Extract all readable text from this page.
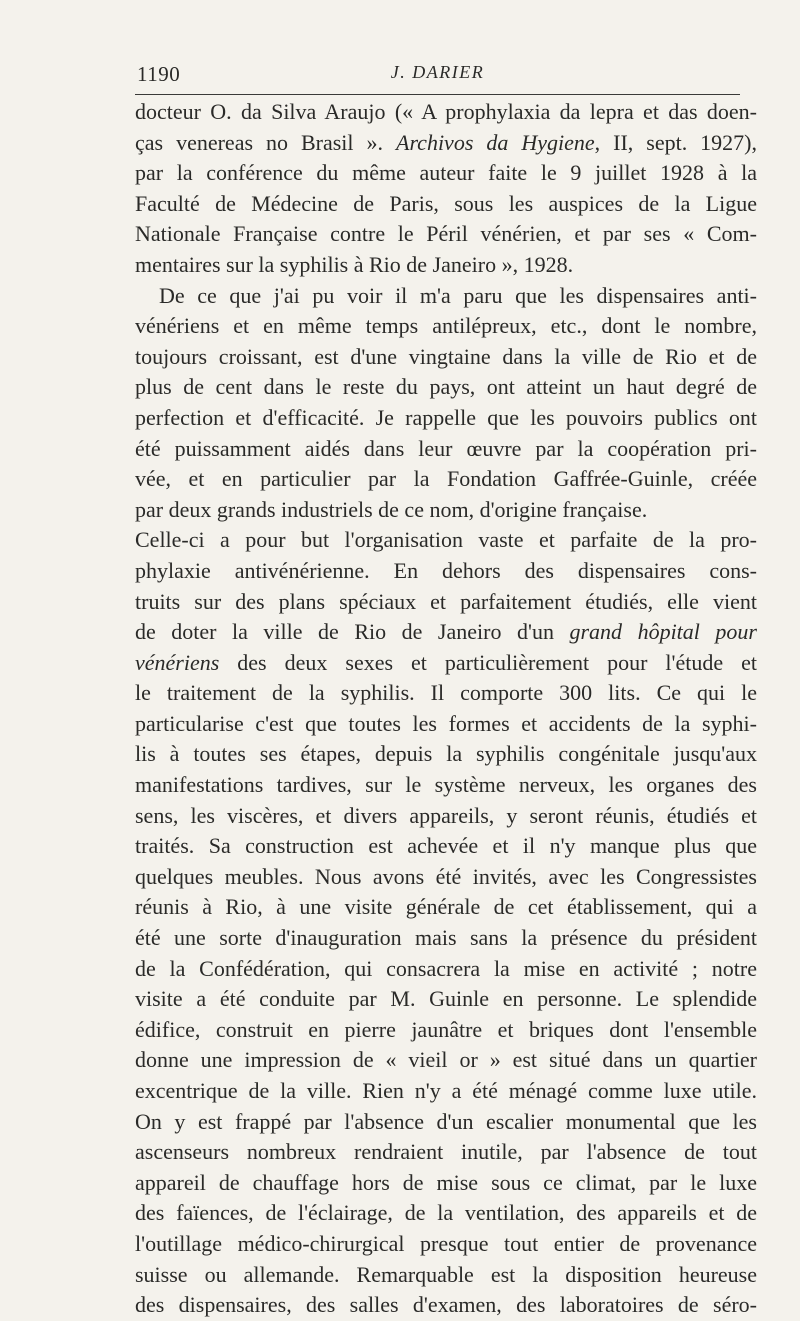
1190	J. DARIER
docteur O. da Silva Araujo (« A prophylaxia da lepra et das doen-
ças venereas no Brasil ». Archivos da Hygiene, II, sept. 1927),
par la conférence du même auteur faite le 9 juillet 1928 à la
Faculté de Médecine de Paris, sous les auspices de la Ligue
Nationale Française contre le Péril vénérien, et par ses « Com-
mentaires sur la syphilis à Rio de Janeiro », 1928.
De ce que j'ai pu voir il m'a paru que les dispensaires anti-
vénériens et en même temps antilépreux, etc., dont le nombre,
toujours croissant, est d'une vingtaine dans la ville de Rio et de
plus de cent dans le reste du pays, ont atteint un haut degré de
perfection et d'efficacité. Je rappelle que les pouvoirs publics ont
été puissamment aidés dans leur œuvre par la coopération pri-
vée, et en particulier par la Fondation Gaffrée-Guinle, créée
par deux grands industriels de ce nom, d'origine française.
Celle-ci a pour but l'organisation vaste et parfaite de la pro-
phylaxie antivénérienne. En dehors des dispensaires cons-
truits sur des plans spéciaux et parfaitement étudiés, elle vient
de doter la ville de Rio de Janeiro d'un grand hôpital pour
vénériens des deux sexes et particulièrement pour l'étude et
le traitement de la syphilis. Il comporte 300 lits. Ce qui le
particularise c'est que toutes les formes et accidents de la syphi-
lis à toutes ses étapes, depuis la syphilis congénitale jusqu'aux
manifestations tardives, sur le système nerveux, les organes des
sens, les viscères, et divers appareils, y seront réunis, étudiés et
traités. Sa construction est achevée et il n'y manque plus que
quelques meubles. Nous avons été invités, avec les Congressistes
réunis à Rio, à une visite générale de cet établissement, qui a
été une sorte d'inauguration mais sans la présence du président
de la Confédération, qui consacrera la mise en activité ; notre
visite a été conduite par M. Guinle en personne. Le splendide
édifice, construit en pierre jaunâtre et briques dont l'ensemble
donne une impression de « vieil or » est situé dans un quartier
excentrique de la ville. Rien n'y a été ménagé comme luxe utile.
On y est frappé par l'absence d'un escalier monumental que les
ascenseurs nombreux rendraient inutile, par l'absence de tout
appareil de chauffage hors de mise sous ce climat, par le luxe
des faïences, de l'éclairage, de la ventilation, des appareils et de
l'outillage médico-chirurgical presque tout entier de provenance
suisse ou allemande. Remarquable est la disposition heureuse
des dispensaires, des salles d'examen, des laboratoires de séro-
